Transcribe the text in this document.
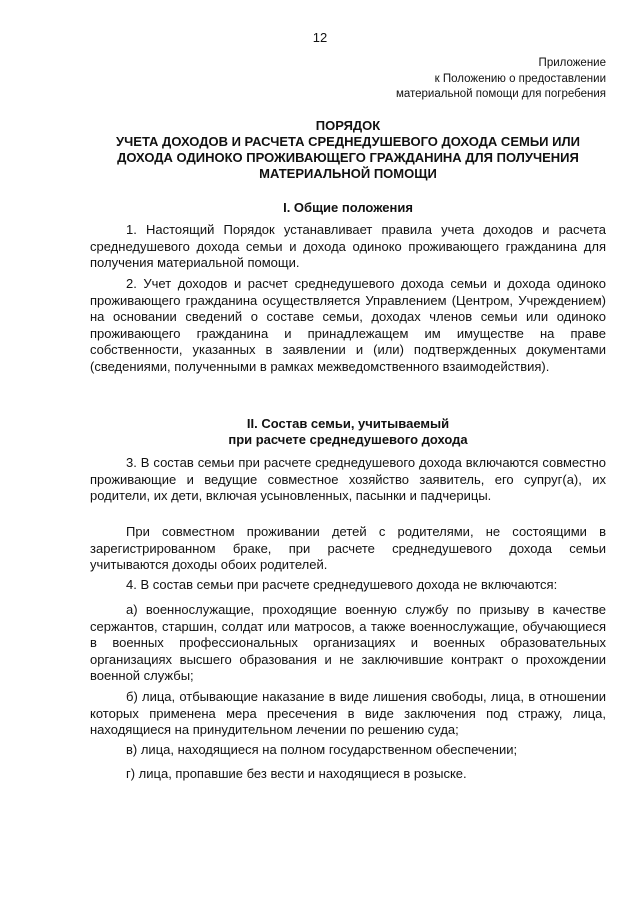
12
Приложение
к Положению о предоставлении
материальной помощи для погребения
ПОРЯДОК
УЧЕТА ДОХОДОВ И РАСЧЕТА СРЕДНЕДУШЕВОГО ДОХОДА СЕМЬИ ИЛИ
ДОХОДА ОДИНОКО ПРОЖИВАЮЩЕГО ГРАЖДАНИНА ДЛЯ ПОЛУЧЕНИЯ
МАТЕРИАЛЬНОЙ ПОМОЩИ
I. Общие положения

1. Настоящий Порядок устанавливает правила учета доходов и расчета среднедушевого дохода семьи и дохода одиноко проживающего гражданина для получения материальной помощи.

2. Учет доходов и расчет среднедушевого дохода семьи и дохода одиноко проживающего гражданина осуществляется Управлением (Центром, Учреждением) на основании сведений о составе семьи, доходах членов семьи или одиноко проживающего гражданина и принадлежащем им имуществе на праве собственности, указанных в заявлении и (или) подтвержденных документами (сведениями, полученными в рамках межведомственного взаимодействия).

II. Состав семьи, учитываемый
при расчете среднедушевого дохода

3. В состав семьи при расчете среднедушевого дохода включаются совместно проживающие и ведущие совместное хозяйство заявитель, его супруг(а), их родители, их дети, включая усыновленных, пасынки и падчерицы.

При совместном проживании детей с родителями, не состоящими в зарегистрированном браке, при расчете среднедушевого дохода семьи учитываются доходы обоих родителей.

4. В состав семьи при расчете среднедушевого дохода не включаются:

а) военнослужащие, проходящие военную службу по призыву в качестве сержантов, старшин, солдат или матросов, а также военнослужащие, обучающиеся в военных профессиональных организациях и военных образовательных организациях высшего образования и не заключившие контракт о прохождении военной службы;

б) лица, отбывающие наказание в виде лишения свободы, лица, в отношении которых применена мера пресечения в виде заключения под стражу, лица, находящиеся на принудительном лечении по решению суда;

в) лица, находящиеся на полном государственном обеспечении;

г) лица, пропавшие без вести и находящиеся в розыске.
